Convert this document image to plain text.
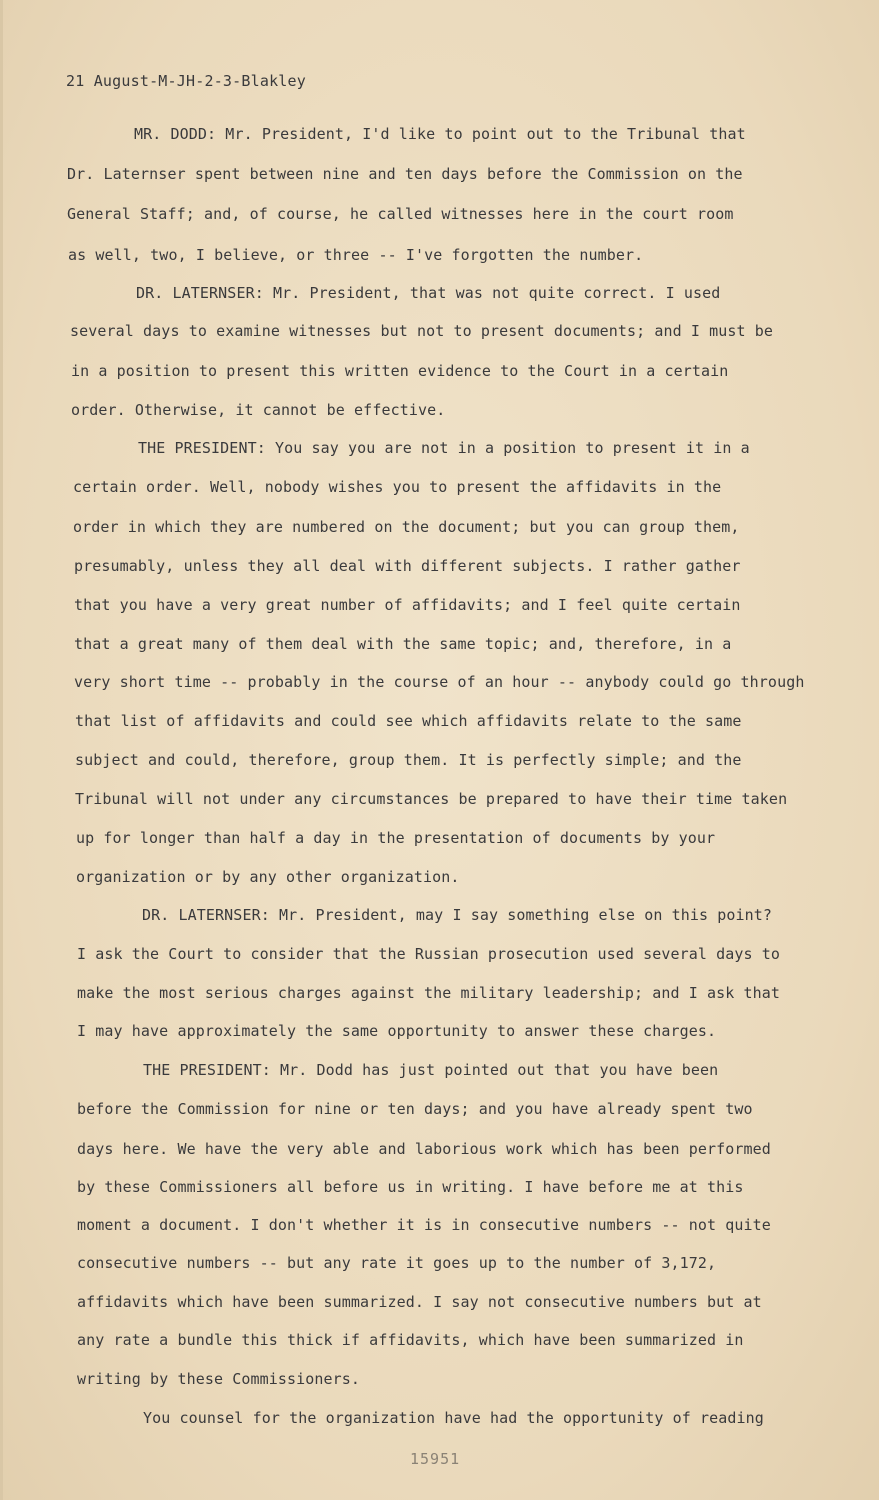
21 August-M-JH-2-3-Blakley
MR. DODD: Mr. President, I'd like to point out to the Tribunal that
Dr. Laternser spent between nine and ten days before the Commission on the
General Staff; and, of course, he called witnesses here in the court room
as well, two, I believe, or three -- I've forgotten the number.
DR. LATERNSER: Mr. President, that was not quite correct. I used
several days to examine witnesses but not to present documents; and I must be
in a position to present this written evidence to the Court in a certain
order. Otherwise, it cannot be effective.
THE PRESIDENT: You say you are not in a position to present it in a
certain order. Well, nobody wishes you to present the affidavits in the
order in which they are numbered on the document; but you can group them,
presumably, unless they all deal with different subjects. I rather gather
that you have a very great number of affidavits; and I feel quite certain
that a great many of them deal with the same topic; and, therefore, in a
very short time -- probably in the course of an hour -- anybody could go through
that list of affidavits and could see which affidavits relate to the same
subject and could, therefore, group them. It is perfectly simple; and the
Tribunal will not under any circumstances be prepared to have their time taken
up for longer than half a day in the presentation of documents by your
organization or by any other organization.
DR. LATERNSER: Mr. President, may I say something else on this point?
I ask the Court to consider that the Russian prosecution used several days to
make the most serious charges against the military leadership; and I ask that
I may have approximately the same opportunity to answer these charges.
THE PRESIDENT: Mr. Dodd has just pointed out that you have been
before the Commission for nine or ten days; and you have already spent two
days here. We have the very able and laborious work which has been performed
by these Commissioners all before us in writing. I have before me at this
moment a document. I don't whether it is in consecutive numbers -- not quite
consecutive numbers -- but any rate it goes up to the number of 3,172,
affidavits which have been summarized. I say not consecutive numbers but at
any rate a bundle this thick if affidavits, which have been summarized in
writing by these Commissioners.
You counsel for the organization have had the opportunity of reading
15951
